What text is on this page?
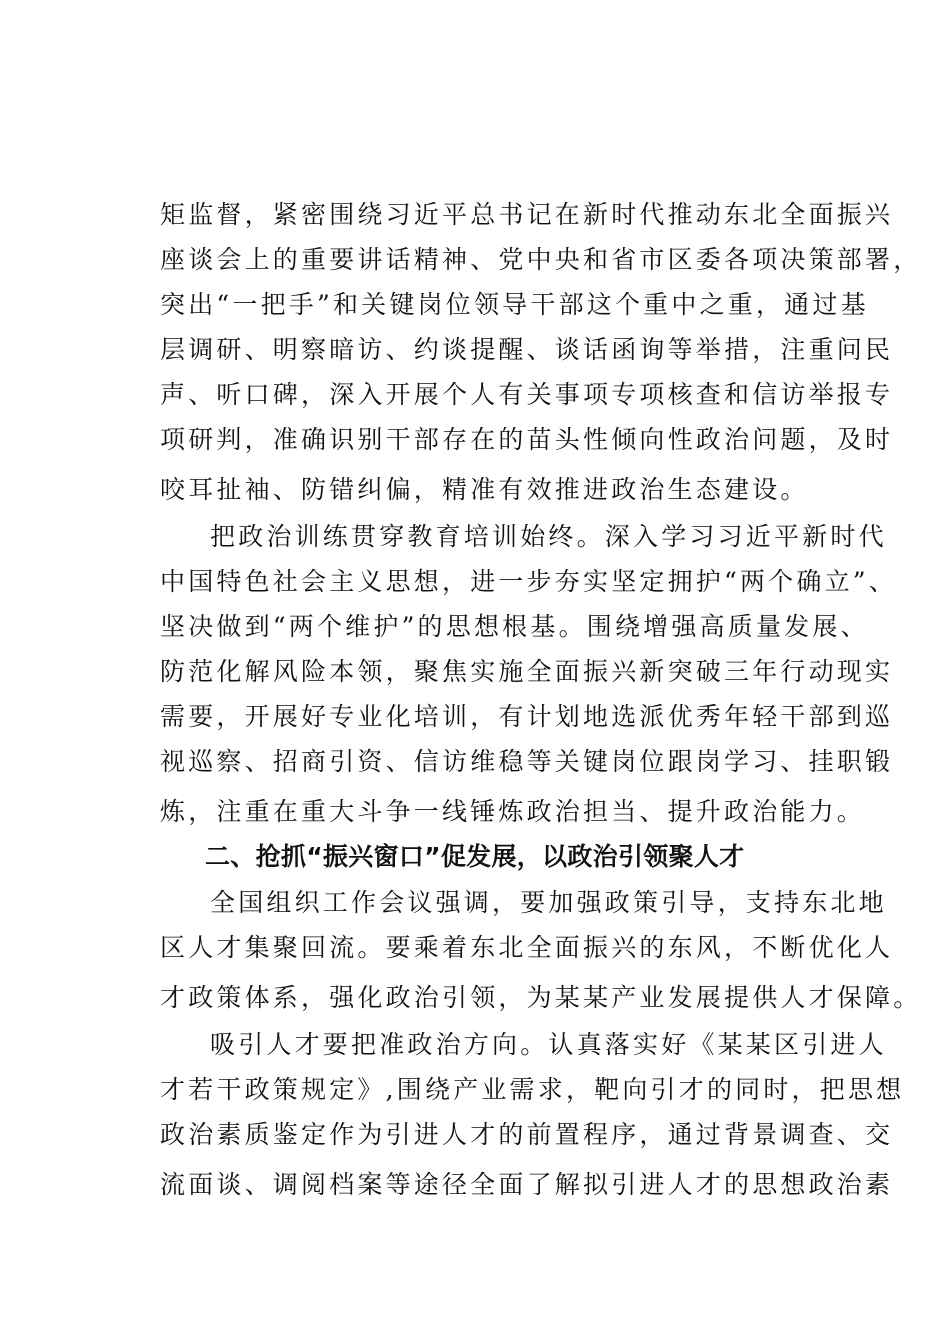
矩监督，紧密围绕习近平总书记在新时代推动东北全面振兴
座谈会上的重要讲话精神、党中央和省市区委各项决策部署，
突出“一把手”和关键岗位领导干部这个重中之重，通过基
层调研、明察暗访、约谈提醒、谈话函询等举措，注重问民
声、听口碑，深入开展个人有关事项专项核查和信访举报专
项研判，准确识别干部存在的苗头性倾向性政治问题，及时
咬耳扯袖、防错纠偏，精准有效推进政治生态建设。
把政治训练贯穿教育培训始终。深入学习习近平新时代
中国特色社会主义思想，进一步夯实坚定拥护“两个确立”、
坚决做到“两个维护”的思想根基。围绕增强高质量发展、
防范化解风险本领，聚焦实施全面振兴新突破三年行动现实
需要，开展好专业化培训，有计划地选派优秀年轻干部到巡
视巡察、招商引资、信访维稳等关键岗位跟岗学习、挂职锻
炼，注重在重大斗争一线锤炼政治担当、提升政治能力。
二、抢抓“振兴窗口”促发展，以政治引领聚人才
全国组织工作会议强调，要加强政策引导，支持东北地
区人才集聚回流。要乘着东北全面振兴的东风，不断优化人
才政策体系，强化政治引领，为某某产业发展提供人才保障。
吸引人才要把准政治方向。认真落实好《某某区引进人
才若干政策规定》,围绕产业需求，靶向引才的同时，把思想
政治素质鉴定作为引进人才的前置程序，通过背景调查、交
流面谈、调阅档案等途径全面了解拟引进人才的思想政治素
